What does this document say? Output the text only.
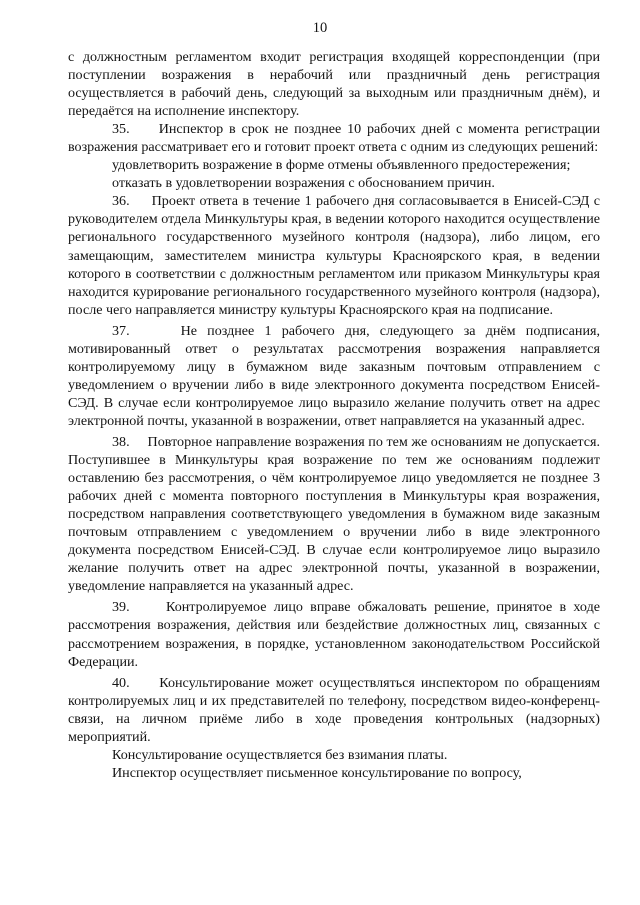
10

с должностным регламентом входит регистрация входящей корреспонденции (при поступлении возражения в нерабочий или праздничный день регистрация осуществляется в рабочий день, следующий за выходным или праздничным днём), и передаётся на исполнение инспектору.

35.     Инспектор в срок не позднее 10 рабочих дней с момента регистрации возражения рассматривает его и готовит проект ответа с одним из следующих решений:

удовлетворить возражение в форме отмены объявленного предостережения;

отказать в удовлетворении возражения с обоснованием причин.

36.     Проект ответа в течение 1 рабочего дня согласовывается в Енисей-СЭД с руководителем отдела Минкультуры края, в ведении которого находится осуществление регионального государственного музейного контроля (надзора), либо лицом, его замещающим, заместителем министра культуры Красноярского края, в ведении которого в соответствии с должностным регламентом или приказом Минкультуры края находится курирование регионального государственного музейного контроля (надзора), после чего направляется министру культуры Красноярского края на подписание.

37.     Не позднее 1 рабочего дня, следующего за днём подписания, мотивированный ответ о результатах рассмотрения возражения направляется контролируемому лицу в бумажном виде заказным почтовым отправлением с уведомлением о вручении либо в виде электронного документа посредством Енисей-СЭД. В случае если контролируемое лицо выразило желание получить ответ на адрес электронной почты, указанной в возражении, ответ направляется на указанный адрес.

38.     Повторное направление возражения по тем же основаниям не допускается. Поступившее в Минкультуры края возражение по тем же основаниям подлежит оставлению без рассмотрения, о чём контролируемое лицо уведомляется не позднее 3 рабочих дней с момента повторного поступления в Минкультуры края возражения, посредством направления соответствующего уведомления в бумажном виде заказным почтовым отправлением с уведомлением о вручении либо в виде электронного документа посредством Енисей-СЭД. В случае если контролируемое лицо выразило желание получить ответ на адрес электронной почты, указанной в возражении, уведомление направляется на указанный адрес.

39.     Контролируемое лицо вправе обжаловать решение, принятое в ходе рассмотрения возражения, действия или бездействие должностных лиц, связанных с рассмотрением возражения, в порядке, установленном законодательством Российской Федерации.

40.     Консультирование может осуществляться инспектором по обращениям контролируемых лиц и их представителей по телефону, посредством видео-конференц-связи, на личном приёме либо в ходе проведения контрольных (надзорных) мероприятий.

Консультирование осуществляется без взимания платы.

Инспектор осуществляет письменное консультирование по вопросу,
